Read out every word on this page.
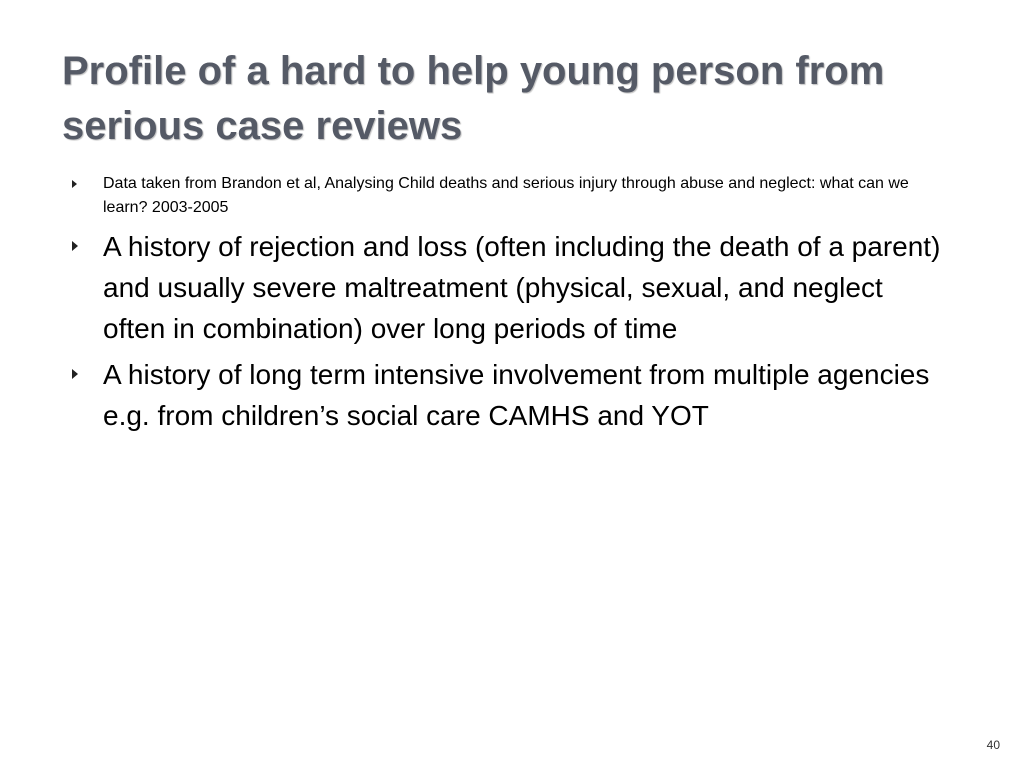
Profile of a hard to help young person from serious case reviews
Data taken from Brandon et al, Analysing Child deaths and serious injury through abuse and neglect: what can we learn? 2003-2005
A history of rejection and loss (often including the death of a parent) and usually severe maltreatment (physical, sexual, and neglect often in combination) over long periods of time
A history of long term intensive involvement from multiple agencies e.g. from children’s social care CAMHS and YOT
40
